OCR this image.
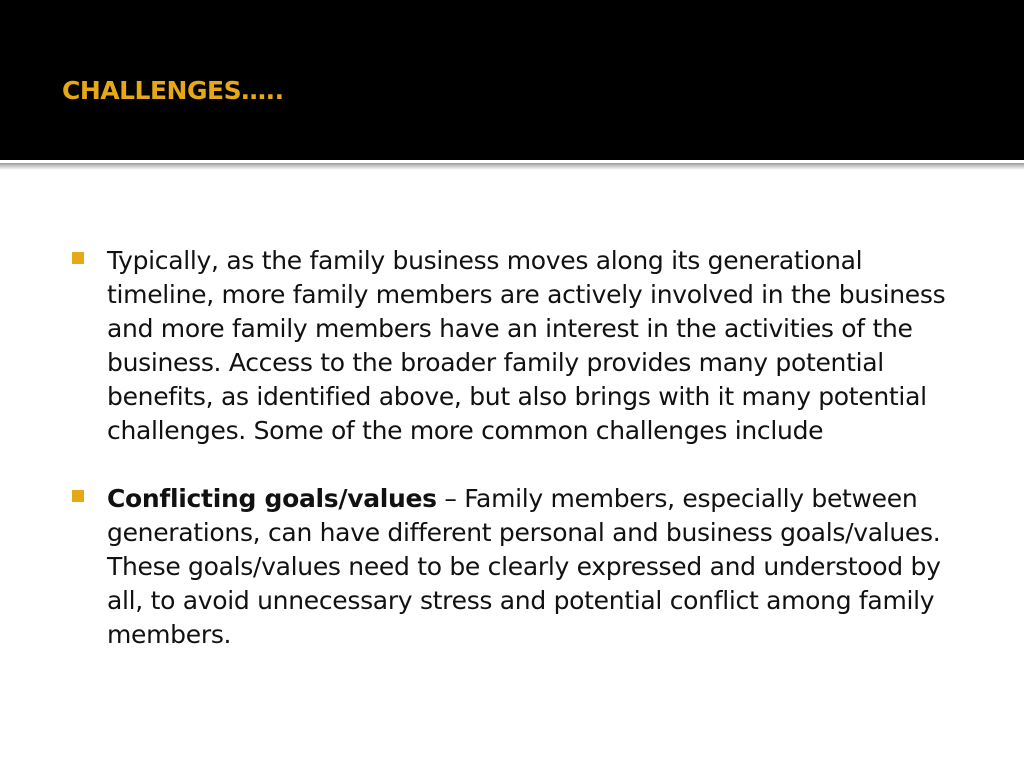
CHALLENGES…..
Typically, as the family business moves along its generational timeline, more family members are actively involved in the business and more family members have an interest in the activities of the business. Access to the broader family provides many potential benefits, as identified above, but also brings with it many potential challenges. Some of the more common challenges include
Conflicting goals/values – Family members, especially between generations, can have different personal and business goals/values. These goals/values need to be clearly expressed and understood by all, to avoid unnecessary stress and potential conflict among family members.
